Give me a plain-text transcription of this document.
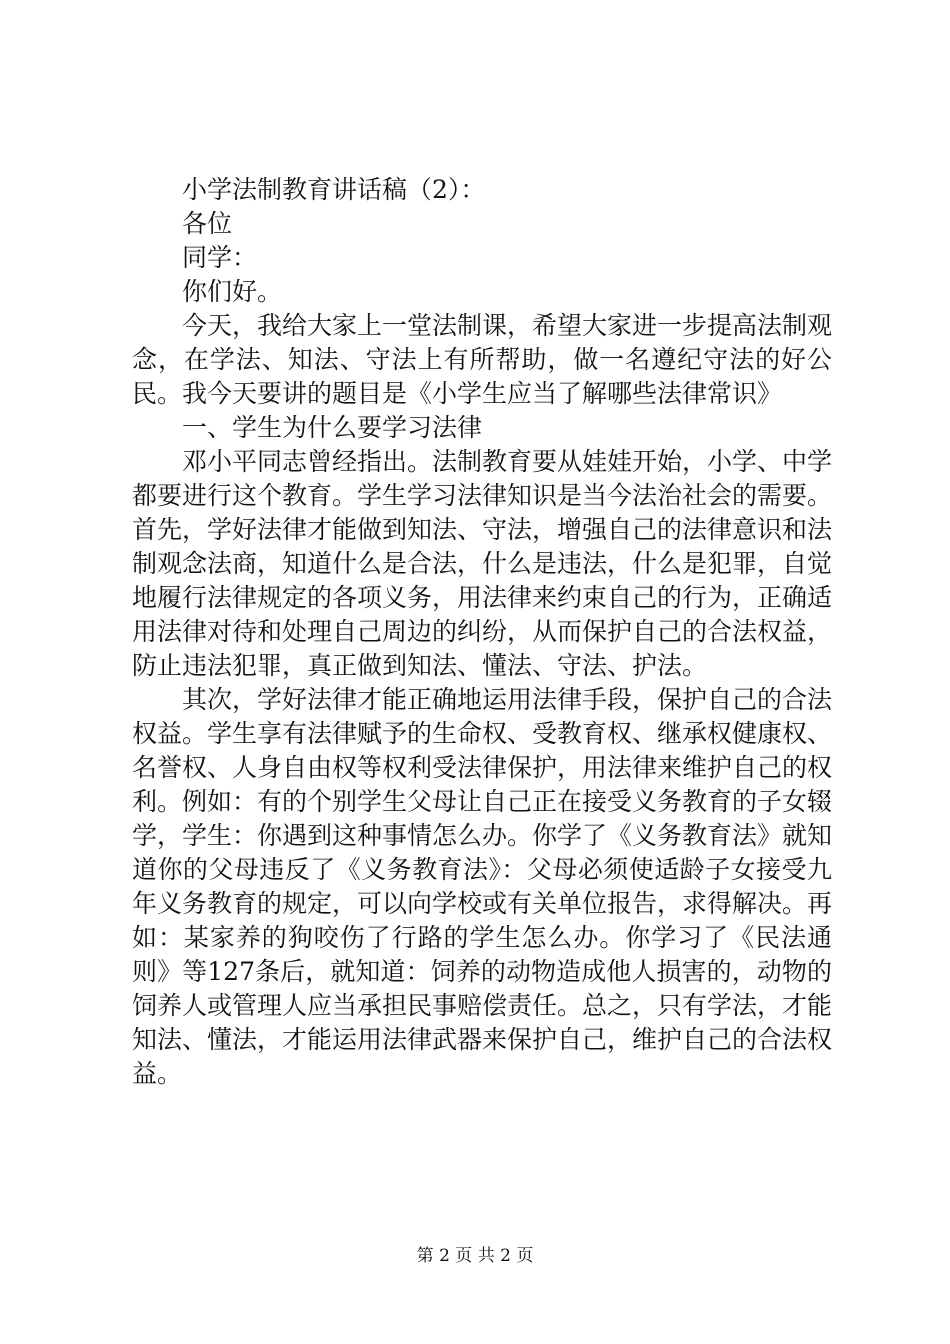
小学法制教育讲话稿（2）：

各位

同学：

你们好。

今天，我给大家上一堂法制课，希望大家进一步提高法制观念，在学法、知法、守法上有所帮助，做一名遵纪守法的好公民。我今天要讲的题目是《小学生应当了解哪些法律常识》

一、学生为什么要学习法律

邓小平同志曾经指出。法制教育要从娃娃开始，小学、中学都要进行这个教育。学生学习法律知识是当今法治社会的需要。首先，学好法律才能做到知法、守法，增强自己的法律意识和法制观念法商，知道什么是合法，什么是违法，什么是犯罪，自觉地履行法律规定的各项义务，用法律来约束自己的行为，正确适用法律对待和处理自己周边的纠纷，从而保护自己的合法权益，防止违法犯罪，真正做到知法、懂法、守法、护法。

其次，学好法律才能正确地运用法律手段，保护自己的合法权益。学生享有法律赋予的生命权、受教育权、继承权健康权、名誉权、人身自由权等权利受法律保护，用法律来维护自己的权利。例如：有的个别学生父母让自己正在接受义务教育的子女辍学，学生：你遇到这种事情怎么办。你学了《义务教育法》就知道你的父母违反了《义务教育法》：父母必须使适龄子女接受九年义务教育的规定，可以向学校或有关单位报告，求得解决。再如：某家养的狗咬伤了行路的学生怎么办。你学习了《民法通则》等127条后，就知道：饲养的动物造成他人损害的，动物的饲养人或管理人应当承担民事赔偿责任。总之，只有学法，才能知法、懂法，才能运用法律武器来保护自己，维护自己的合法权益。

第 2 页 共 2 页
